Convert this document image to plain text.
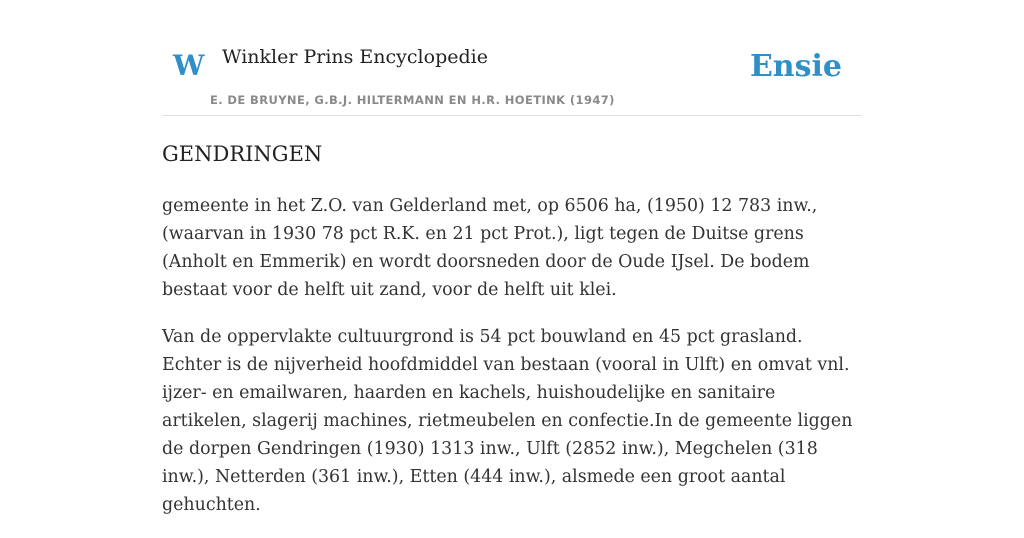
W Winkler Prins Encyclopedie
E. DE BRUYNE, G.B.J. HILTERMANN EN H.R. HOETINK (1947)
Ensie
GENDRINGEN

gemeente in het Z.O. van Gelderland met, op 6506 ha, (1950) 12 783 inw., (waarvan in 1930 78 pct R.K. en 21 pct Prot.), ligt tegen de Duitse grens (Anholt en Emmerik) en wordt doorsneden door de Oude IJsel. De bodem bestaat voor de helft uit zand, voor de helft uit klei.

Van de oppervlakte cultuurgrond is 54 pct bouwland en 45 pct grasland. Echter is de nijverheid hoofdmiddel van bestaan (vooral in Ulft) en omvat vnl. ijzer- en emailwaren, haarden en kachels, huishoudelijke en sanitaire artikelen, slagerij machines, rietmeubelen en confectie.In de gemeente liggen de dorpen Gendringen (1930) 1313 inw., Ulft (2852 inw.), Megchelen (318 inw.), Netterden (361 inw.), Etten (444 inw.), alsmede een groot aantal gehuchten.
